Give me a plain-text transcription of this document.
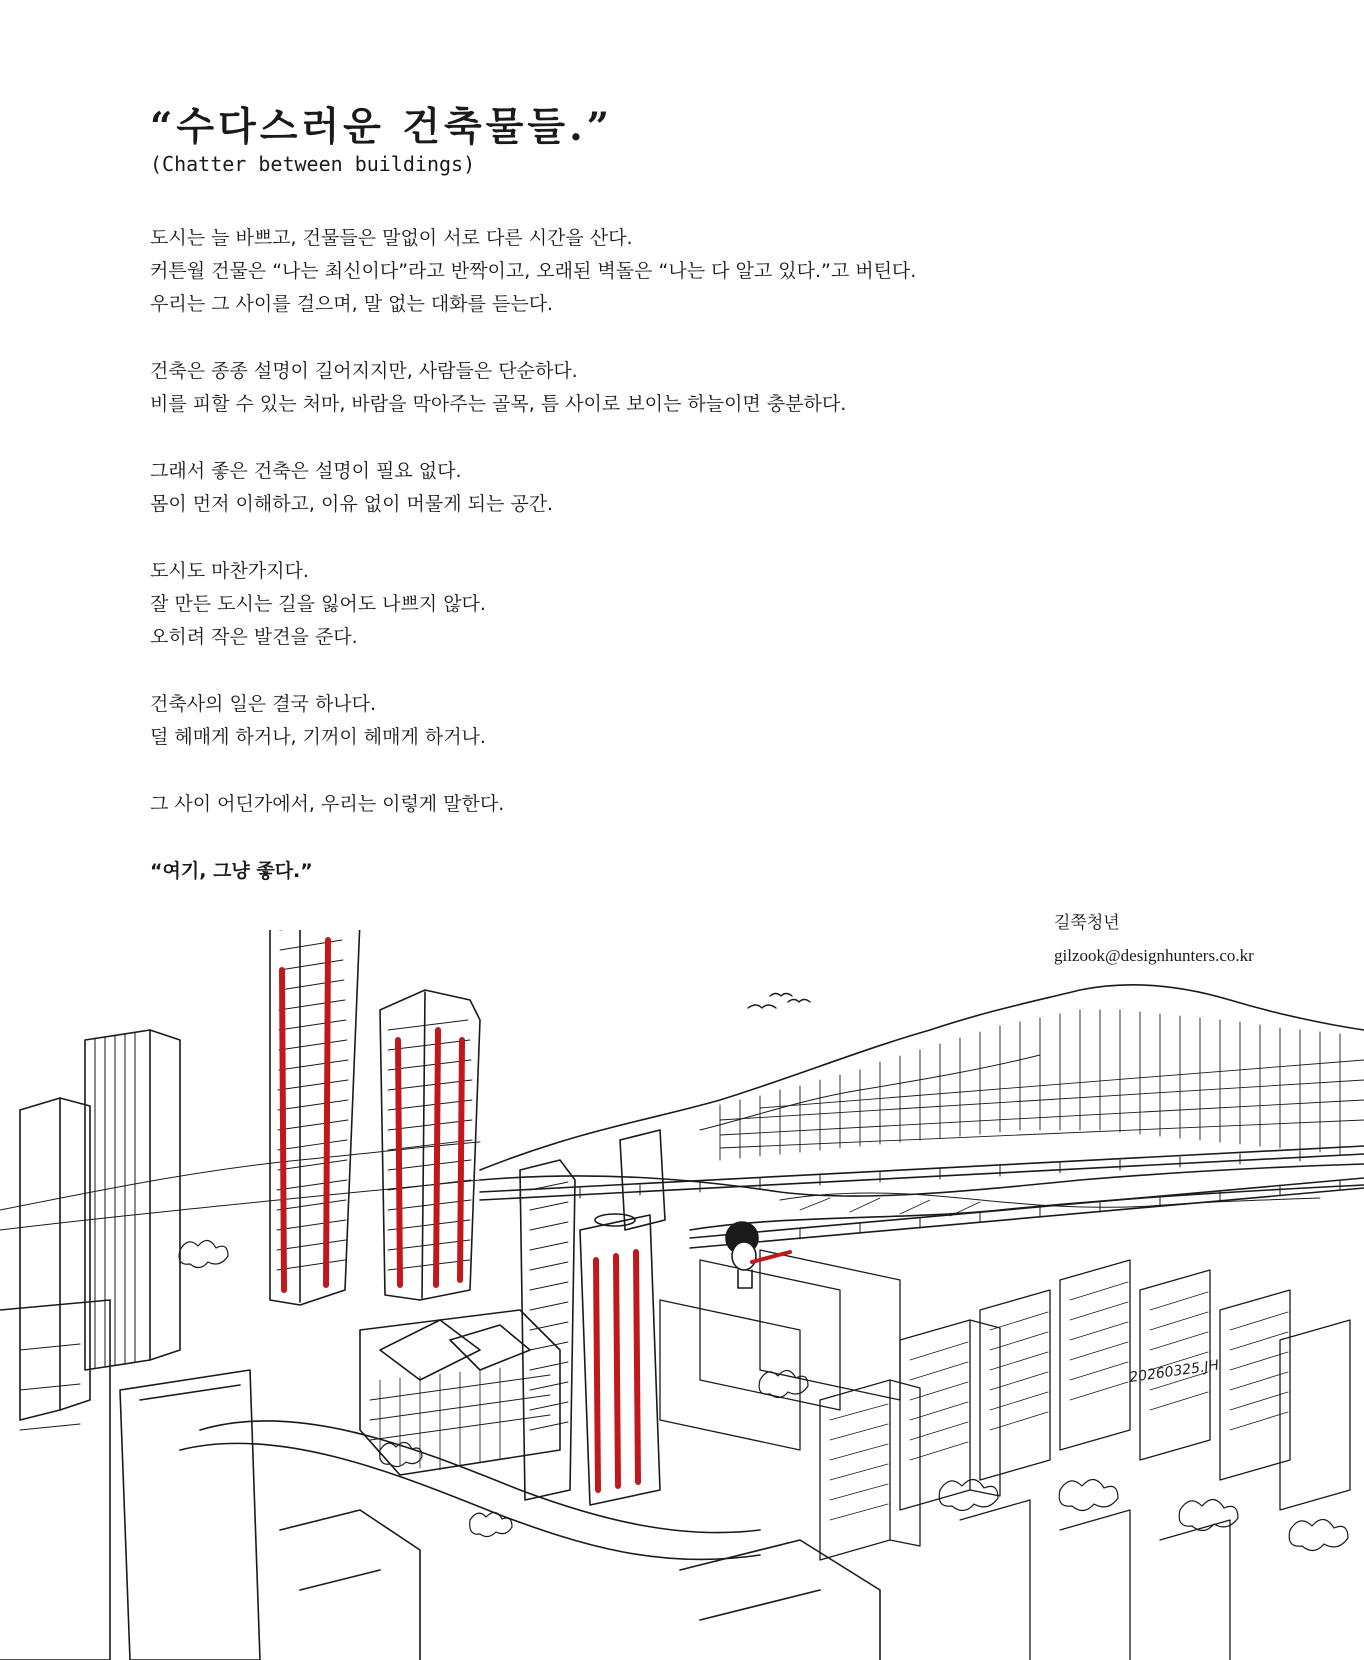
“수다스러운 건축물들.”
(Chatter between buildings)
도시는 늘 바쁘고, 건물들은 말없이 서로 다른 시간을 산다.
커튼월 건물은 “나는 최신이다”라고 반짝이고, 오래된 벽돌은 “나는 다 알고 있다.”고 버틴다.
우리는 그 사이를 걸으며, 말 없는 대화를 듣는다.
건축은 종종 설명이 길어지지만, 사람들은 단순하다.
비를 피할 수 있는 처마, 바람을 막아주는 골목, 틈 사이로 보이는 하늘이면 충분하다.
그래서 좋은 건축은 설명이 필요 없다.
몸이 먼저 이해하고, 이유 없이 머물게 되는 공간.
도시도 마찬가지다.
잘 만든 도시는 길을 잃어도 나쁘지 않다.
오히려 작은 발견을 준다.
건축사의 일은 결국 하나다.
덜 헤매게 하거나, 기꺼이 헤매게 하거나.
그 사이 어딘가에서, 우리는 이렇게 말한다.
“여기, 그냥 좋다.”
길쭉청년
gilzook@designhunters.co.kr
20260325.JH
